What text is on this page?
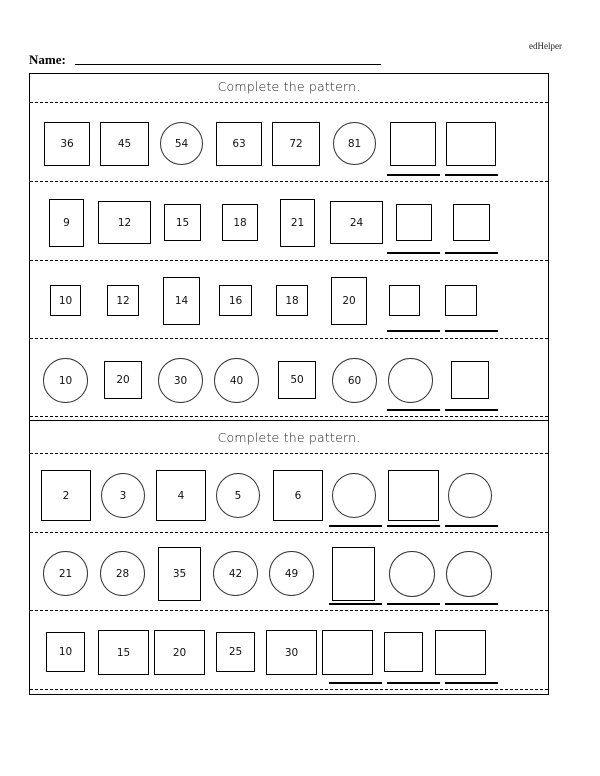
edHelper
Name:
Complete the pattern.
36	45	54	63	72	81
9	12	15	18	21	24
10	12	14	16	18	20
10	20	30	40	50	60
Complete the pattern.
2	3	4	5	6
21	28	35	42	49
10	15	20	25	30
